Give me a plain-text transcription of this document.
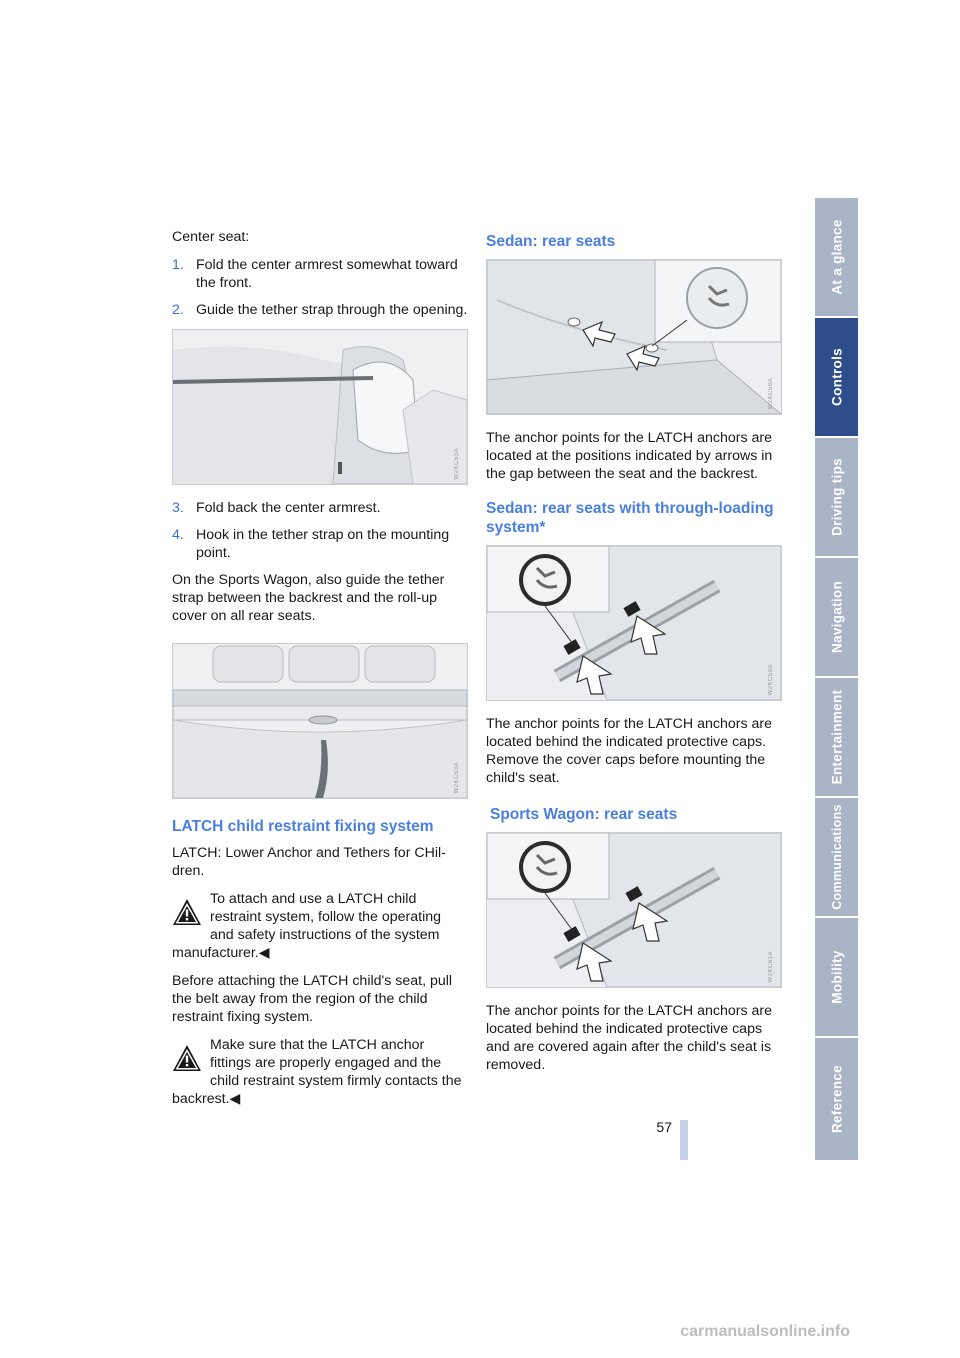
Center seat:

1. Fold the center armrest somewhat toward the front.
2. Guide the tether strap through the opening.
W2KC53A
3. Fold back the center armrest.
4. Hook in the tether strap on the mounting point.

On the Sports Wagon, also guide the tether strap between the backrest and the roll-up cover on all rear seats.

W2KC63A
LATCH child restraint fixing system

LATCH: Lower Anchor and Tethers for CHil-dren.

To attach and use a LATCH child restraint system, follow the operating and safety instructions of the system manufacturer.◀

Before attaching the LATCH child's seat, pull the belt away from the region of the child restraint fixing system.

Make sure that the LATCH anchor fittings are properly engaged and the child restraint system firmly contacts the backrest.◀
Sedan: rear seats
W2KC58A

The anchor points for the LATCH anchors are located at the positions indicated by arrows in the gap between the seat and the backrest.

Sedan: rear seats with through-loading system*
W2KC59A

The anchor points for the LATCH anchors are located behind the indicated protective caps. Remove the cover caps before mounting the child's seat.

Sports Wagon: rear seats
W2KC61A

The anchor points for the LATCH anchors are located behind the indicated protective caps and are covered again after the child's seat is removed.

At a glance
Controls
Driving tips
Navigation
Entertainment
Communications
Mobility
Reference
57
carmanualsonline.info
